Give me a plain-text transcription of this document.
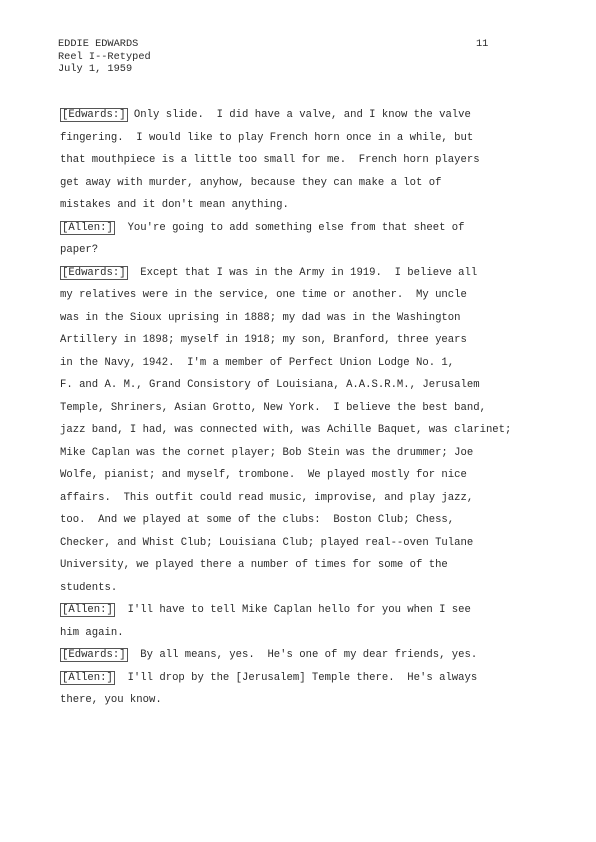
EDDIE EDWARDS
Reel I--Retyped
July 1, 1959
11
[Edwards:] Only slide.  I did have a valve, and I know the valve
fingering.  I would like to play French horn once in a while, but
that mouthpiece is a little too small for me.  French horn players
get away with murder, anyhow, because they can make a lot of
mistakes and it don't mean anything.
[Allen:]  You're going to add something else from that sheet of
paper?
[Edwards:]  Except that I was in the Army in 1919.  I believe all
my relatives were in the service, one time or another.  My uncle
was in the Sioux uprising in 1888; my dad was in the Washington
Artillery in 1898; myself in 1918; my son, Branford, three years
in the Navy, 1942.  I'm a member of Perfect Union Lodge No. 1,
F. and A. M., Grand Consistory of Louisiana, A.A.S.R.M., Jerusalem
Temple, Shriners, Asian Grotto, New York.  I believe the best band,
jazz band, I had, was connected with, was Achille Baquet, was clarinet;
Mike Caplan was the cornet player; Bob Stein was the drummer; Joe
Wolfe, pianist; and myself, trombone.  We played mostly for nice
affairs.  This outfit could read music, improvise, and play jazz,
too.  And we played at some of the clubs:  Boston Club; Chess,
Checker, and Whist Club; Louisiana Club; played real--oven Tulane
University, we played there a number of times for some of the
students.
[Allen:]  I'll have to tell Mike Caplan hello for you when I see
him again.
[Edwards:]  By all means, yes.  He's one of my dear friends, yes.
[Allen:]  I'll drop by the [Jerusalem] Temple there.  He's always
there, you know.
